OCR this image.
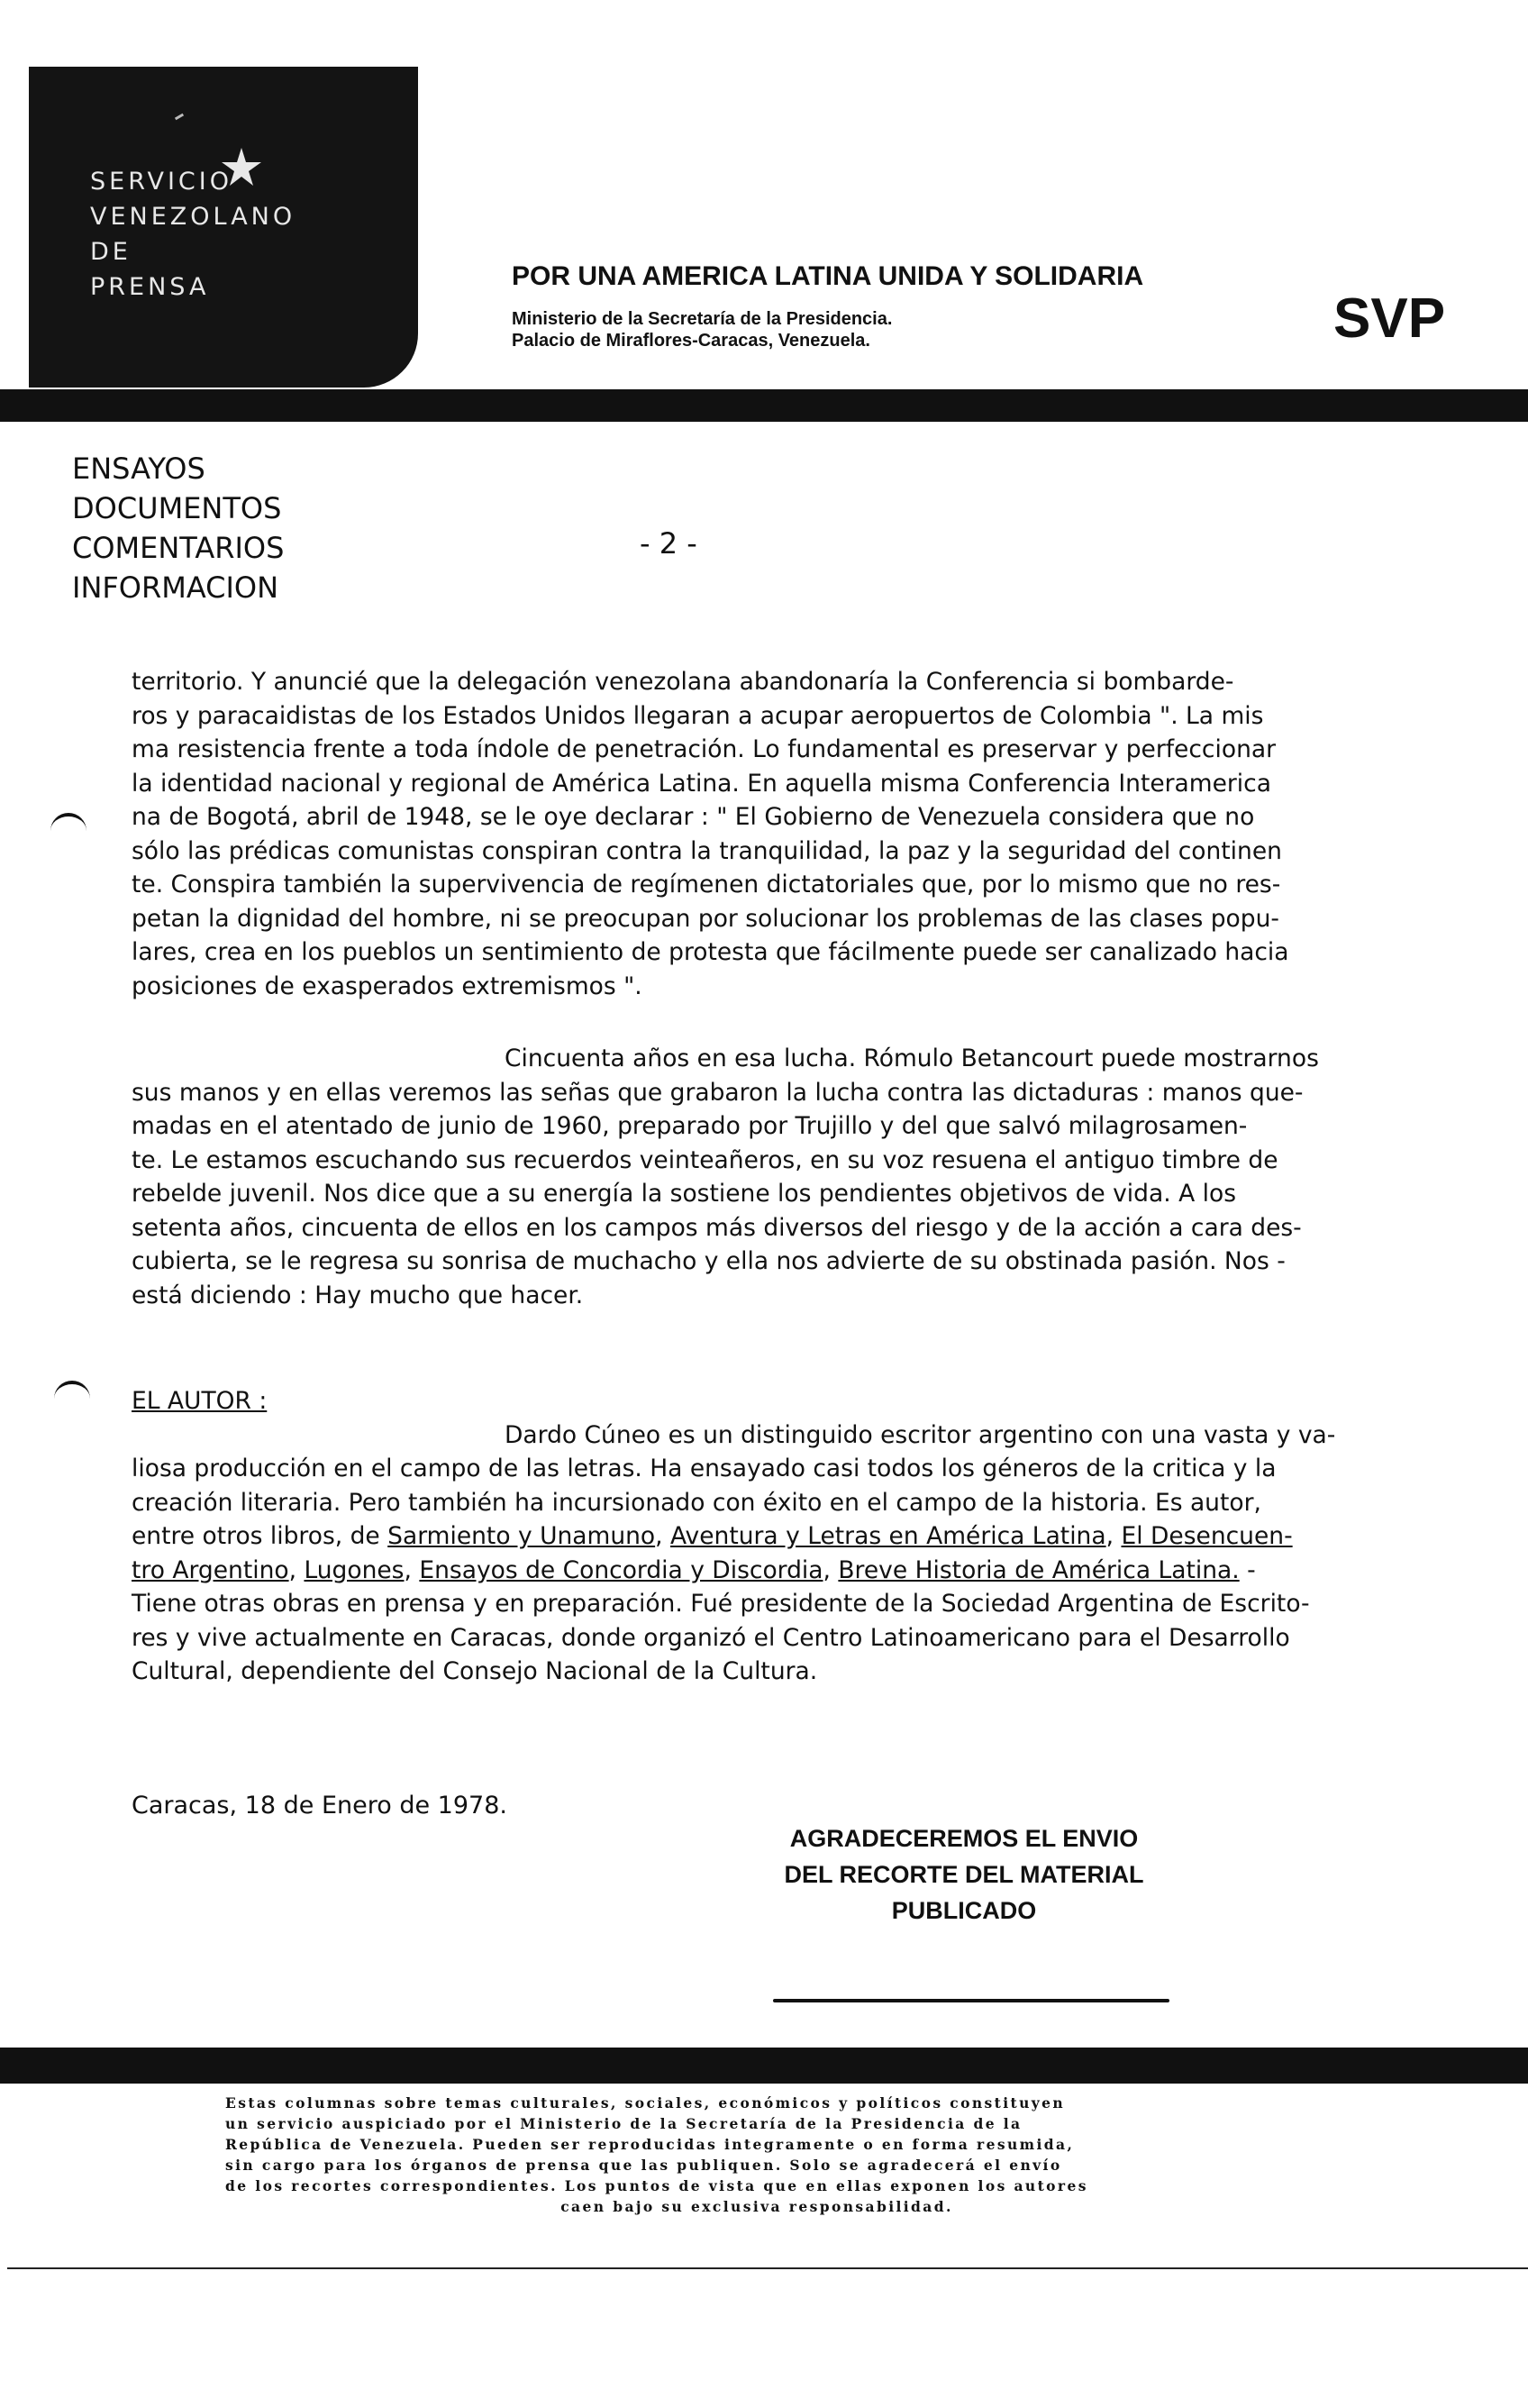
SERVICIO
VENEZOLANO
DE
PRENSA	POR UNA AMERICA LATINA UNIDA Y SOLIDARIA
Ministerio de la Secretaría de la Presidencia.
Palacio de Miraflores-Caracas, Venezuela.	SVP
ENSAYOS
DOCUMENTOS
COMENTARIOS
INFORMACION
- 2 -
territorio. Y anuncié que la delegación venezolana abandonaría la Conferencia si bombarde-
ros y paracaidistas de los Estados Unidos llegaran a acupar aeropuertos de Colombia ". La mis
ma resistencia frente a toda índole de penetración. Lo fundamental es preservar y perfeccionar
la identidad nacional y regional de América Latina. En aquella misma Conferencia Interamerica
na de Bogotá, abril de 1948, se le oye declarar : " El Gobierno de Venezuela considera que no
sólo las prédicas comunistas conspiran contra la tranquilidad, la paz y la seguridad del continen
te. Conspira también la supervivencia de regímenen dictatoriales que, por lo mismo que no res-
petan la dignidad del hombre, ni se preocupan por solucionar los problemas de las clases popu-
lares, crea en los pueblos un sentimiento de protesta que fácilmente puede ser canalizado hacia
posiciones de exasperados extremismos ".
Cincuenta años en esa lucha. Rómulo Betancourt puede mostrarnos
sus manos y en ellas veremos las señas que grabaron la lucha contra las dictaduras : manos que-
madas en el atentado de junio de 1960, preparado por Trujillo y del que salvó milagrosamen-
te. Le estamos escuchando sus recuerdos veinteañeros, en su voz resuena el antiguo timbre de
rebelde juvenil. Nos dice que a su energía la sostiene los pendientes objetivos de vida. A los
setenta años, cincuenta de ellos en los campos más diversos del riesgo y de la acción a cara des-
cubierta, se le regresa su sonrisa de muchacho y ella nos advierte de su obstinada pasión. Nos -
está diciendo : Hay mucho que hacer.
EL AUTOR :
Dardo Cúneo es un distinguido escritor argentino con una vasta y va-
liosa producción en el campo de las letras. Ha ensayado casi todos los géneros de la critica y la
creación literaria. Pero también ha incursionado con éxito en el campo de la historia. Es autor,
entre otros libros, de Sarmiento y Unamuno, Aventura y Letras en América Latina, El Desencuen-
tro Argentino, Lugones, Ensayos de Concordia y Discordia, Breve Historia de América Latina. -
Tiene otras obras en prensa y en preparación. Fué presidente de la Sociedad Argentina de Escrito-
res y vive actualmente en Caracas, donde organizó el Centro Latinoamericano para el Desarrollo
Cultural, dependiente del Consejo Nacional de la Cultura.
Caracas, 18 de Enero de 1978.
AGRADECEREMOS EL ENVIO
DEL RECORTE DEL MATERIAL
PUBLICADO
Estas columnas sobre temas culturales, sociales, económicos y políticos constituyen
un servicio auspiciado por el Ministerio de la Secretaría de la Presidencia de la
República de Venezuela. Pueden ser reproducidas integramente o en forma resumida,
sin cargo para los órganos de prensa que las publiquen. Solo se agradecerá el envío
de los recortes correspondientes. Los puntos de vista que en ellas exponen los autores
caen bajo su exclusiva responsabilidad.
